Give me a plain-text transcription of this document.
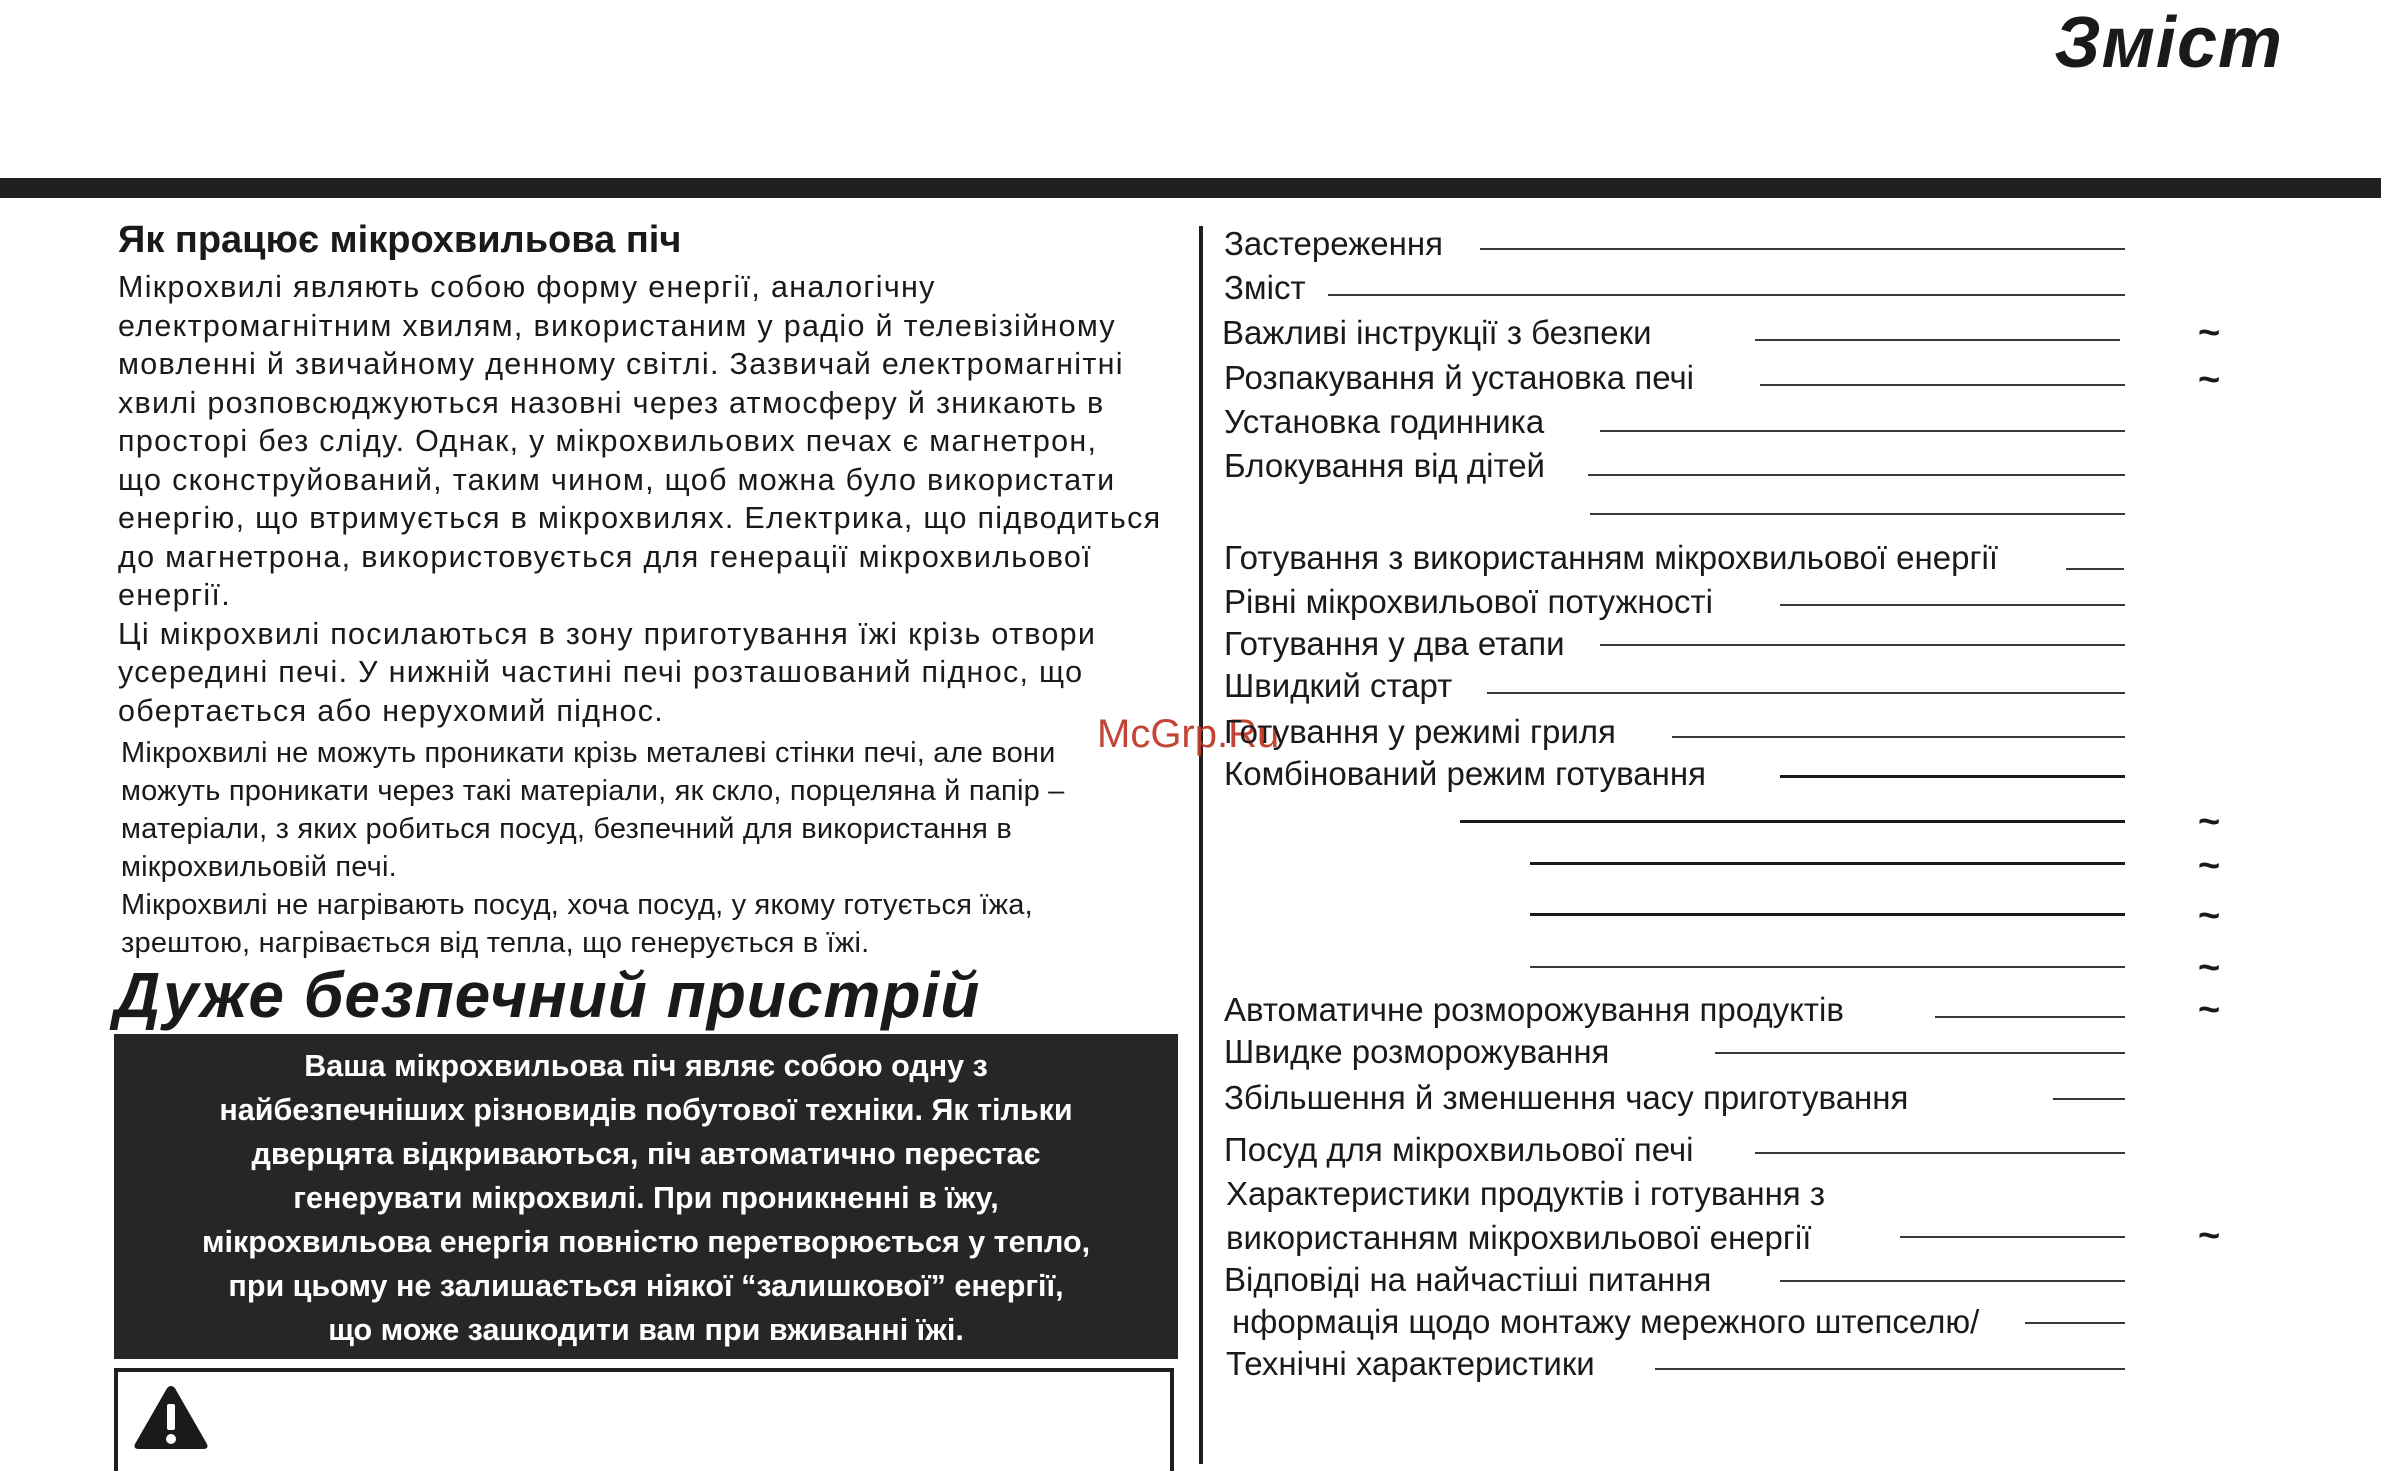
Зміст
Як працює мікрохвильова піч

Мікрохвилі являють собою форму енергії, аналогічну
електромагнітним хвилям, використаним у радіо й телевізійному
мовленні й звичайному денному світлі. Зазвичай електромагнітні
хвилі розповсюджуються назовні через атмосферу й зникають в
просторі без сліду. Однак, у мікрохвильових печах є магнетрон,
що сконструйований, таким чином, щоб можна було використати
енергію, що втримується в мікрохвилях. Електрика, що підводиться
до магнетрона, використовується для генерації мікрохвильової
енергії.
Ці мікрохвилі посилаються в зону приготування їжі крізь отвори
усередині печі. У нижній частині печі розташований піднос, що
обертається або нерухомий піднос.

Мікрохвилі не можуть проникати крізь металеві стінки печі, але вони
можуть проникати через такі матеріали, як скло, порцеляна й папір –
матеріали, з яких робиться посуд, безпечний для використання в
мікрохвильовій печі.
Мікрохвилі не нагрівають посуд, хоча посуд, у якому готується їжа,
зрештою, нагрівається від тепла, що генерується в їжі.

Дуже безпечний пристрій

Ваша мікрохвильова піч являє собою одну з
найбезпечніших різновидів побутової техніки. Як тільки
дверцята відкриваються, піч автоматично перестає
генерувати мікрохвилі. При проникненні в їжу,
мікрохвильова енергія повністю перетворюється у тепло,
при цьому не залишається ніякої “залишкової” енергії,
що може зашкодити вам при вживанні їжі.

McGrp.Ru
Застереження
Зміст
Важливі інструкції з безпеки	~
Розпакування й установка печі	~
Установка годинника
Блокування від дітей
Готування з використанням мікрохвильової енергії
Рівні мікрохвильової потужності
Готування у два етапи
Швидкий старт
Готування у режимі гриля
Комбінований режим готування
~
~
~
~
Автоматичне розморожування продуктів	~
Швидке розморожування
Збільшення й зменшення часу приготування
Посуд для мікрохвильової печі
Характеристики продуктів і готування з
використанням мікрохвильової енергії	~
Відповіді на найчастіші питання
нформація щодо монтажу мережного штепселю/
Технічні характеристики
